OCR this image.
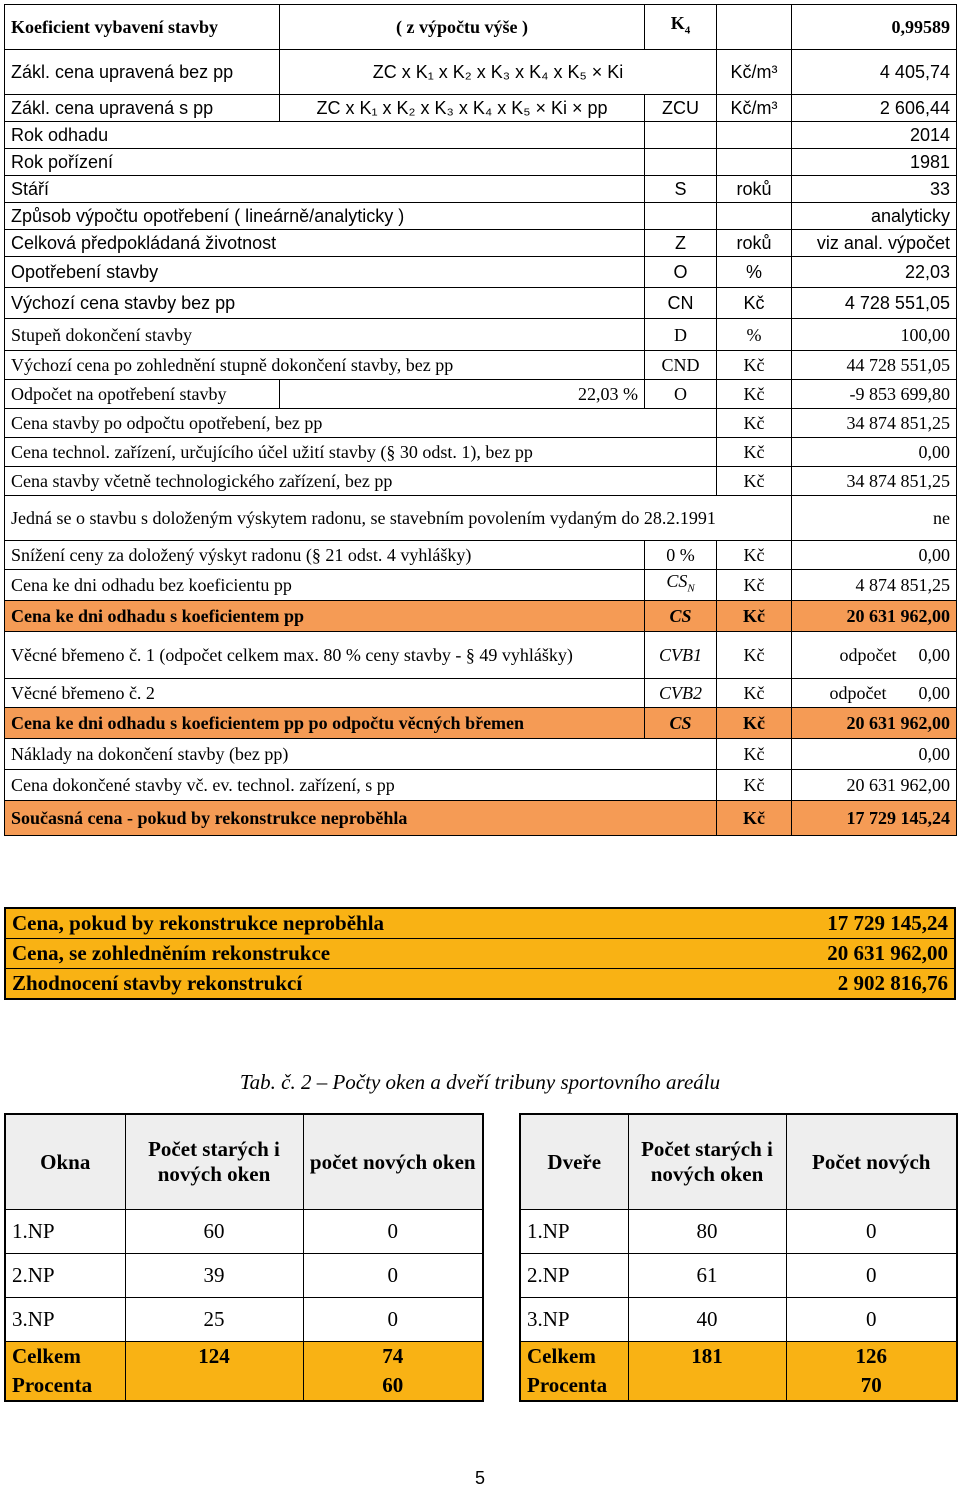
Koeficient vybavení stavby	( z výpočtu výše )	$K_4$		0,99589
Zákl. cena upravená bez pp	ZC x K₁ x K₂ x K₃ x K₄ x K₅ × Ki		Kč/m³	4 405,74
Zákl. cena upravená s pp	ZC x K₁ x K₂ x K₃ x K₄ x K₅ × Ki × pp	ZCU	Kč/m³	2 606,44
Rok odhadu				2014
Rok pořízení				1981
Stáří		S	roků	33
Způsob výpočtu opotřebení ( lineárně/analyticky )				analyticky
Celková předpokládaná životnost		Z	roků	viz anal. výpočet
Opotřebení stavby		O	%	22,03
Výchozí cena stavby bez pp		CN	Kč	4 728 551,05
Stupeň dokončení stavby		D	%	100,00
Výchozí cena po zohlednění stupně dokončení stavby, bez pp		CND	Kč	44 728 551,05
Odpočet na opotřebení stavby	22,03 %	O	Kč	-9 853 699,80
Cena stavby po odpočtu opotřebení, bez pp			Kč	34 874 851,25
Cena technol. zařízení, určujícího účel užití stavby (§ 30 odst. 1), bez pp			Kč	0,00
Cena stavby včetně technologického zařízení, bez pp			Kč	34 874 851,25
Jedná se o stavbu s doloženým výskytem radonu, se stavebním povolením vydaným do 28.2.1991				ne
Snížení ceny za doložený výskyt radonu (§ 21 odst. 4 vyhlášky)		0 %	Kč	0,00
Cena ke dni odhadu bez koeficientu pp		$CS_N$	Kč	4 874 851,25
Cena ke dni odhadu s koeficientem pp		CS	Kč	20 631 962,00
Věcné břemeno č. 1 (odpočet celkem max. 80 % ceny stavby - § 49 vyhlášky)		CVB1	Kč	odpočet 0,00
Věcné břemeno č. 2		CVB2	Kč	odpočet 0,00
Cena ke dni odhadu s koeficientem pp po odpočtu věcných břemen		CS	Kč	20 631 962,00
Náklady na dokončení stavby (bez pp)			Kč	0,00
Cena dokončené stavby vč. ev. technol. zařízení, s pp			Kč	20 631 962,00
Současná cena - pokud by rekonstrukce neproběhla			Kč	17 729 145,24
Cena, pokud by rekonstrukce neproběhla	17 729 145,24
Cena, se zohledněním rekonstrukce	20 631 962,00
Zhodnocení stavby rekonstrukcí	2 902 816,76
Tab. č. 2 – Počty oken a dveří tribuny sportovního areálu
Okna	Počet starých i nových oken	počet nových oken
1.NP	60	0
2.NP	39	0
3.NP	25	0
Celkem	124	74
Procenta		60
Dveře	Počet starých i nových oken	Počet nových
1.NP	80	0
2.NP	61	0
3.NP	40	0
Celkem	181	126
Procenta		70
5
